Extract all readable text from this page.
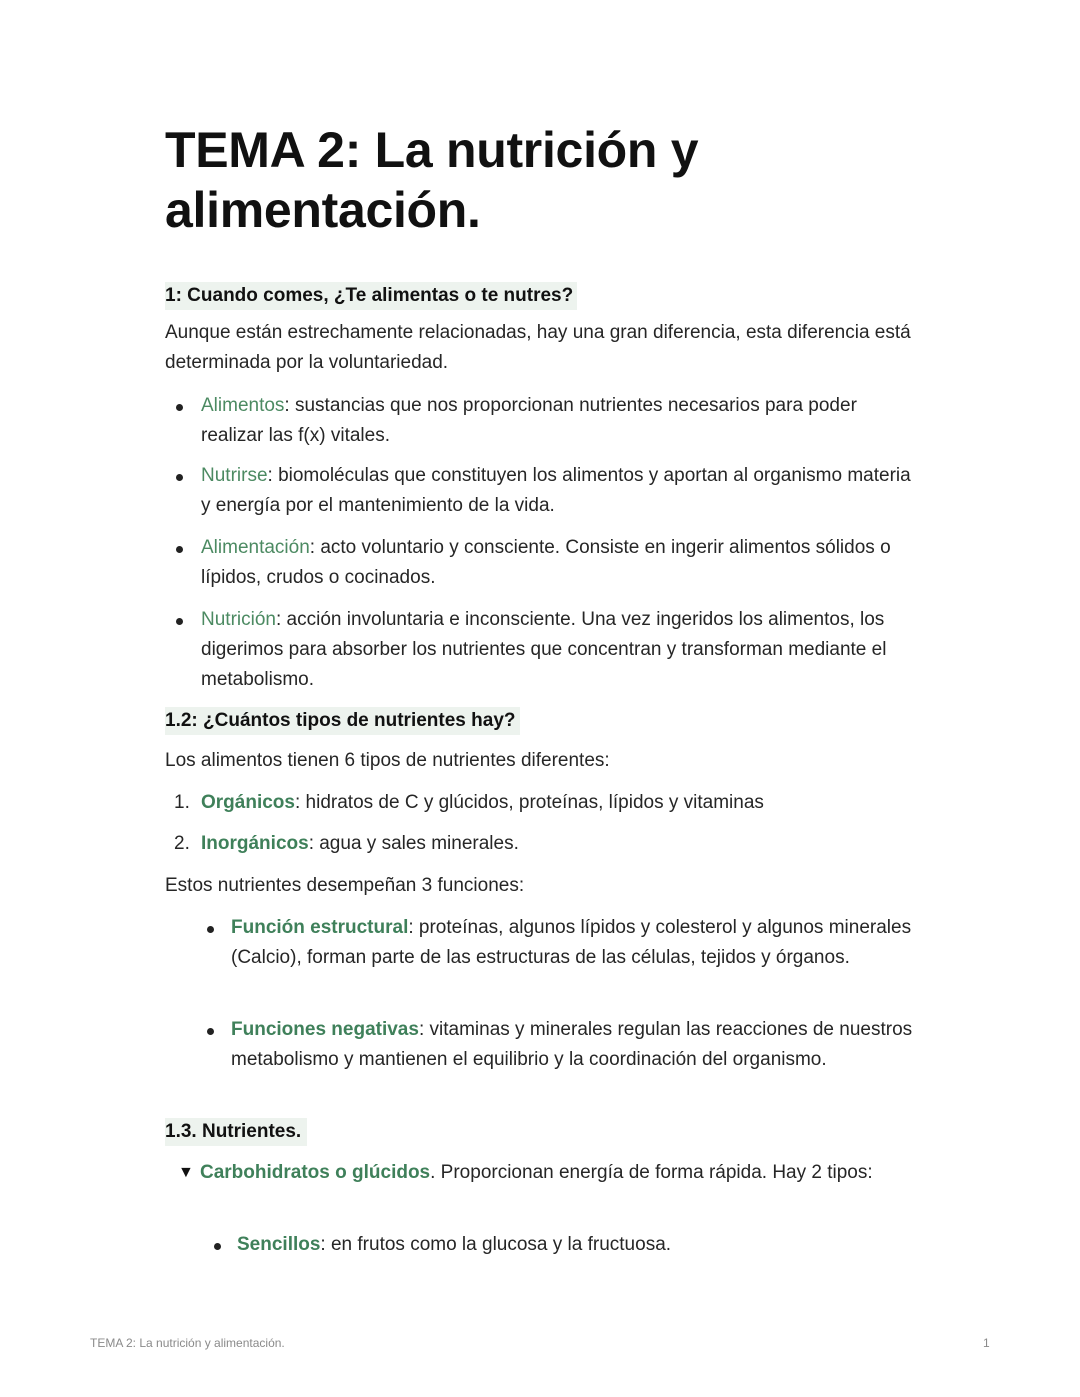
TEMA 2: La nutrición y alimentación.
1: Cuando comes, ¿Te alimentas o te nutres?

Aunque están estrechamente relacionadas, hay una gran diferencia, esta diferencia está determinada por la voluntariedad.

Alimentos: sustancias que nos proporcionan nutrientes necesarios para poder realizar las f(x) vitales.

Nutrirse: biomoléculas que constituyen los alimentos y aportan al organismo materia y energía por el mantenimiento de la vida.

Alimentación: acto voluntario y consciente. Consiste en ingerir alimentos sólidos o lípidos, crudos o cocinados.

Nutrición: acción involuntaria e inconsciente. Una vez ingeridos los alimentos, los digerimos para absorber los nutrientes que concentran y transforman mediante el metabolismo.

1.2: ¿Cuántos tipos de nutrientes hay?

Los alimentos tienen 6 tipos de nutrientes diferentes:

1. Orgánicos: hidratos de C y glúcidos, proteínas, lípidos y vitaminas

2. Inorgánicos: agua y sales minerales.

Estos nutrientes desempeñan 3 funciones:

Función estructural: proteínas, algunos lípidos y colesterol y algunos minerales (Calcio), forman parte de las estructuras de las células, tejidos y órganos.

Funciones negativas: vitaminas y minerales regulan las reacciones de nuestros metabolismo y mantienen el equilibrio y la coordinación del organismo.

1.3. Nutrientes.
▼ Carbohidratos o glúcidos. Proporcionan energía de forma rápida. Hay 2 tipos:

Sencillos: en frutos como la glucosa y la fructuosa.

TEMA 2: La nutrición y alimentación.	1
